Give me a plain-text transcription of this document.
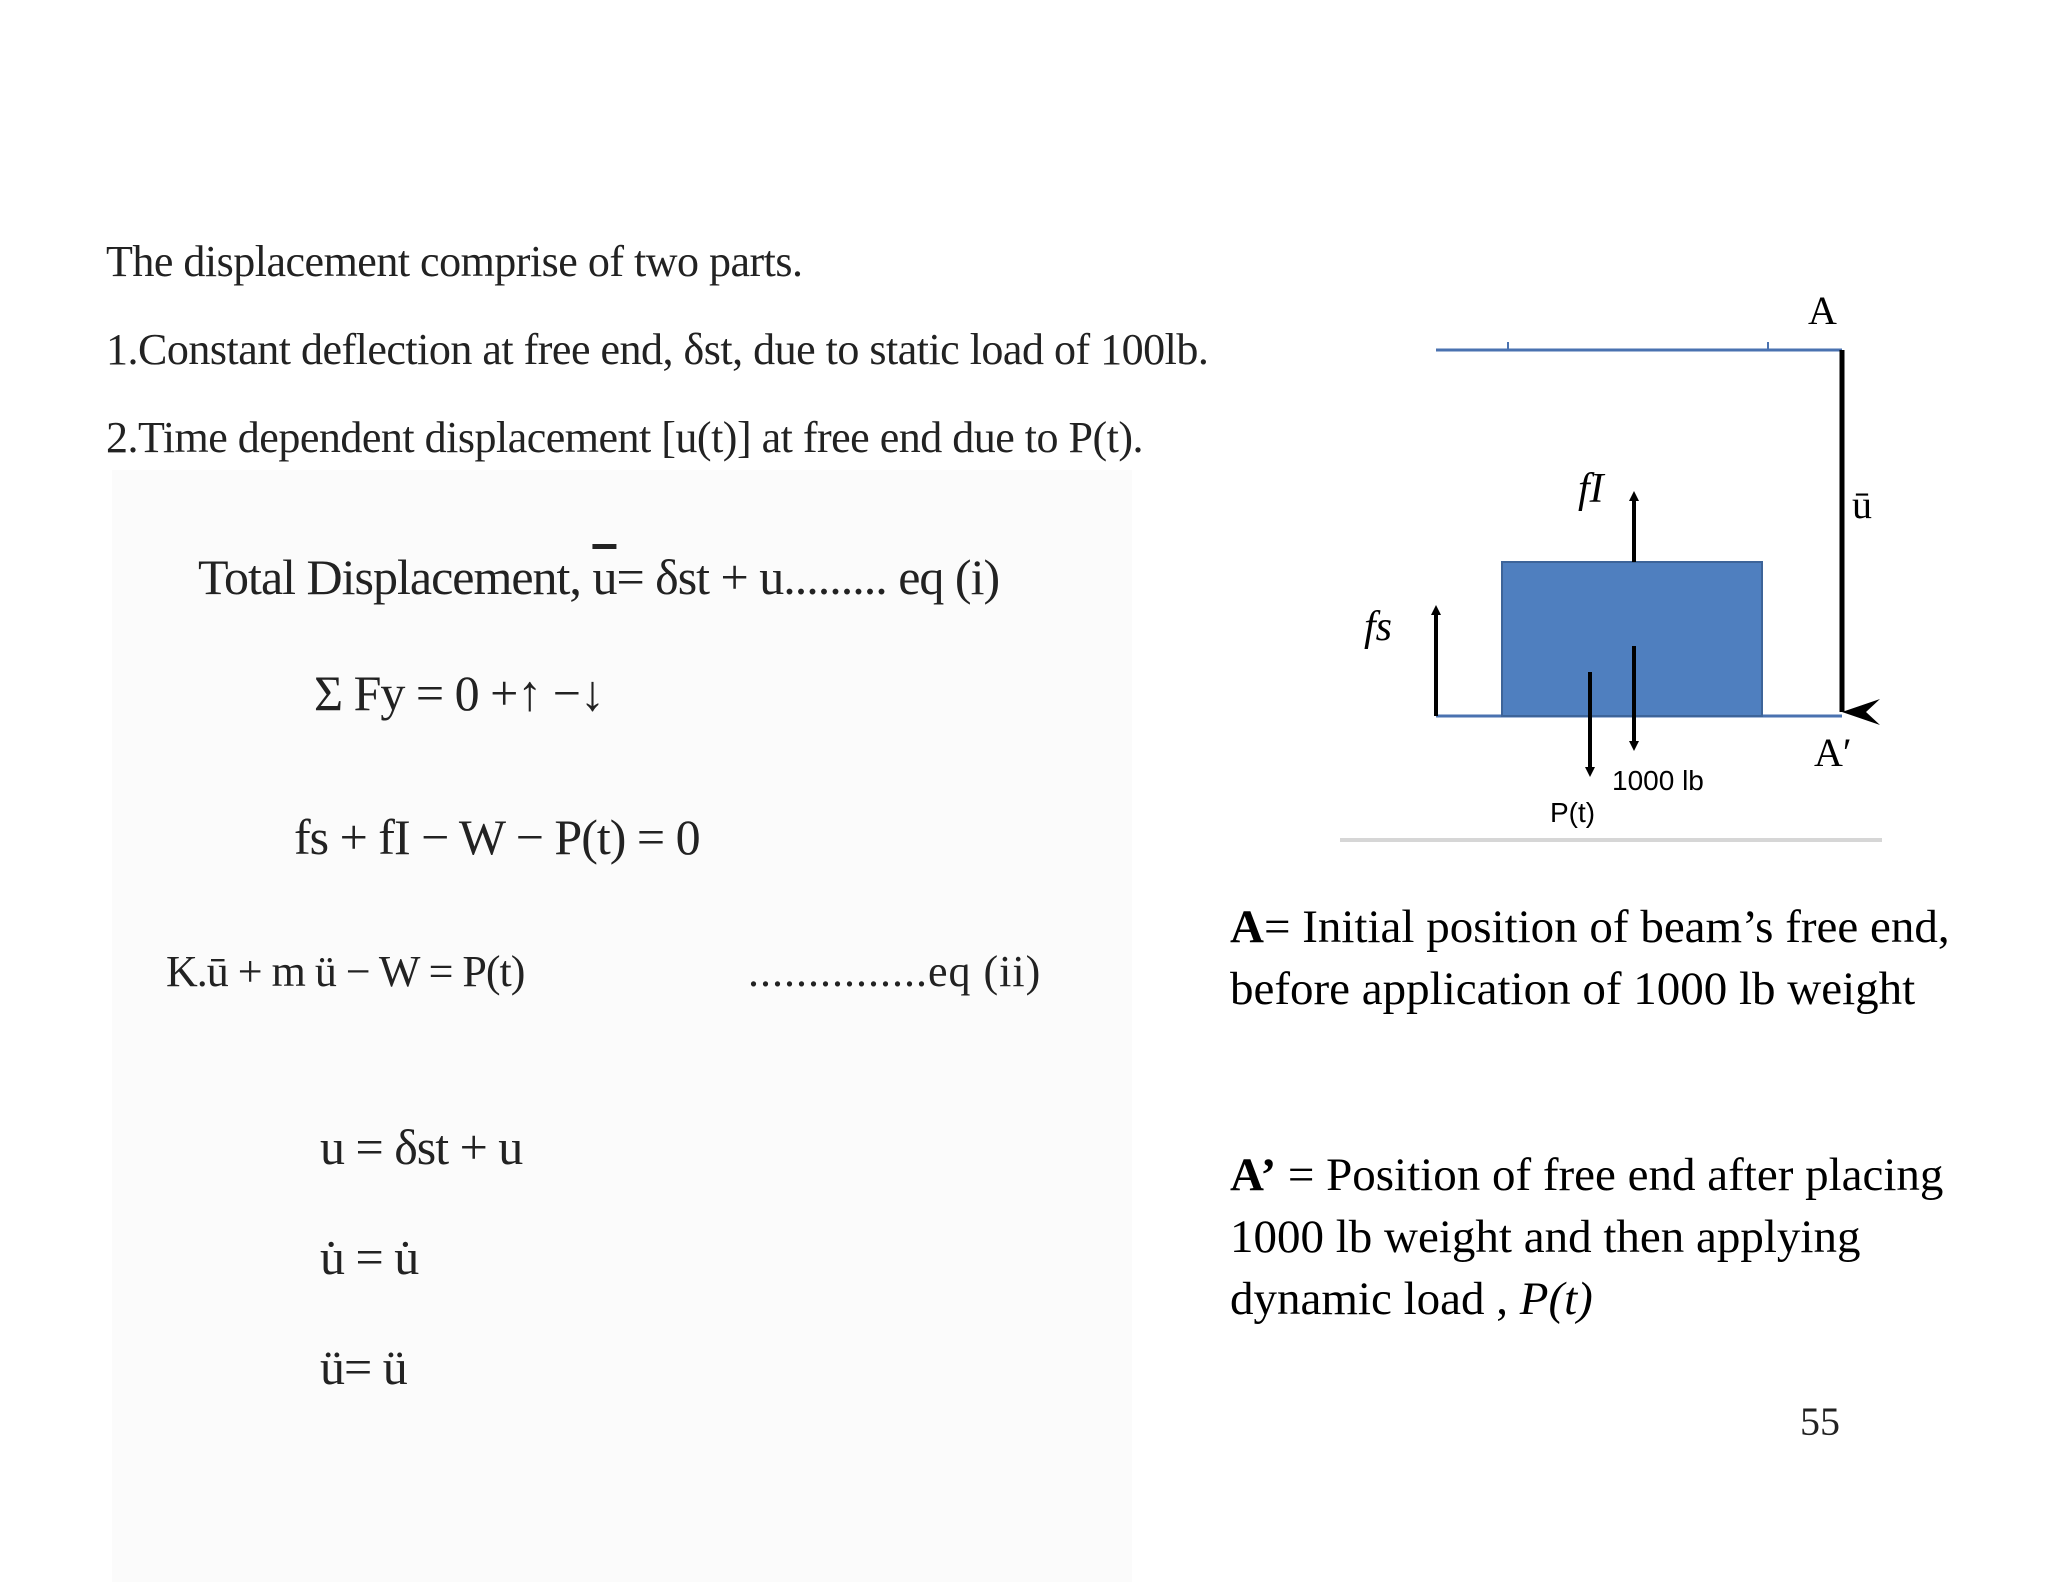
The displacement comprise of two parts.
1.Constant deflection at free end, δst, due to static load of 100lb.
2.Time dependent displacement [u(t)] at free end due to P(t).
Total Displacement, $\overline{u}= \delta st + u$......... eq (i)
Σ Fy = 0 +↑ −↓
fs + fI − W − P(t) = 0
K.ū + m ü − W = P(t)	...............eq (ii)
u = δst + u
u̇ = u̇
ü= ü
A
ū
A′
fI
fs
1000 lb
P(t)
A= Initial position of beam’s free end, before application of 1000 lb weight
A’ = Position of free end after placing 1000 lb weight and then applying dynamic load , P(t)
55
